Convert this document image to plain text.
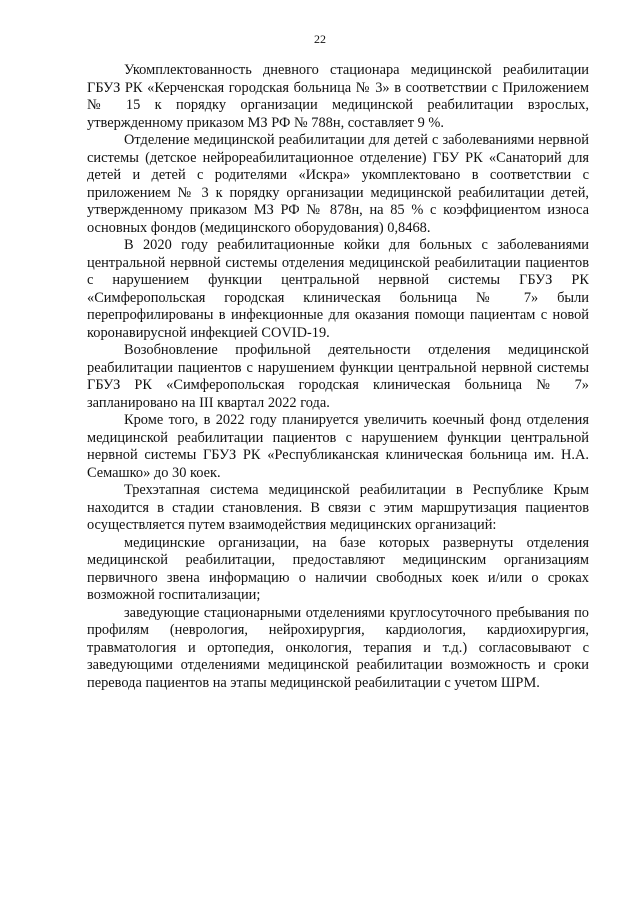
22

Укомплектованность дневного стационара медицинской реабилитации ГБУЗ РК «Керченская городская больница № 3» в соответствии с Приложением № 15 к порядку организации медицинской реабилитации взрослых, утвержденному приказом МЗ РФ № 788н, составляет 9 %.

Отделение медицинской реабилитации для детей с заболеваниями нервной системы (детское нейрореабилитационное отделение) ГБУ РК «Санаторий для детей и детей с родителями «Искра» укомплектовано в соответствии с приложением № 3 к порядку организации медицинской реабилитации детей, утвержденному приказом МЗ РФ № 878н, на 85 % с коэффициентом износа основных фондов (медицинского оборудования) 0,8468.

В 2020 году реабилитационные койки для больных с заболеваниями центральной нервной системы отделения медицинской реабилитации пациентов с нарушением функции центральной нервной системы ГБУЗ РК «Симферопольская городская клиническая больница № 7» были перепрофилированы в инфекционные для оказания помощи пациентам с новой коронавирусной инфекцией COVID-19.

Возобновление профильной деятельности отделения медицинской реабилитации пациентов с нарушением функции центральной нервной системы ГБУЗ РК «Симферопольская городская клиническая больница № 7» запланировано на III квартал 2022 года.

Кроме того, в 2022 году планируется увеличить коечный фонд отделения медицинской реабилитации пациентов с нарушением функции центральной нервной системы ГБУЗ РК «Республиканская клиническая больница им. Н.А. Семашко» до 30 коек.

Трехэтапная система медицинской реабилитации в Республике Крым находится в стадии становления. В связи с этим маршрутизация пациентов осуществляется путем взаимодействия медицинских организаций:

медицинские организации, на базе которых развернуты отделения медицинской реабилитации, предоставляют медицинским организациям первичного звена информацию о наличии свободных коек и/или о сроках возможной госпитализации;

заведующие стационарными отделениями круглосуточного пребывания по профилям (неврология, нейрохирургия, кардиология, кардиохирургия, травматология и ортопедия, онкология, терапия и т.д.) согласовывают с заведующими отделениями медицинской реабилитации возможность и сроки перевода пациентов на этапы медицинской реабилитации с учетом ШРМ.
